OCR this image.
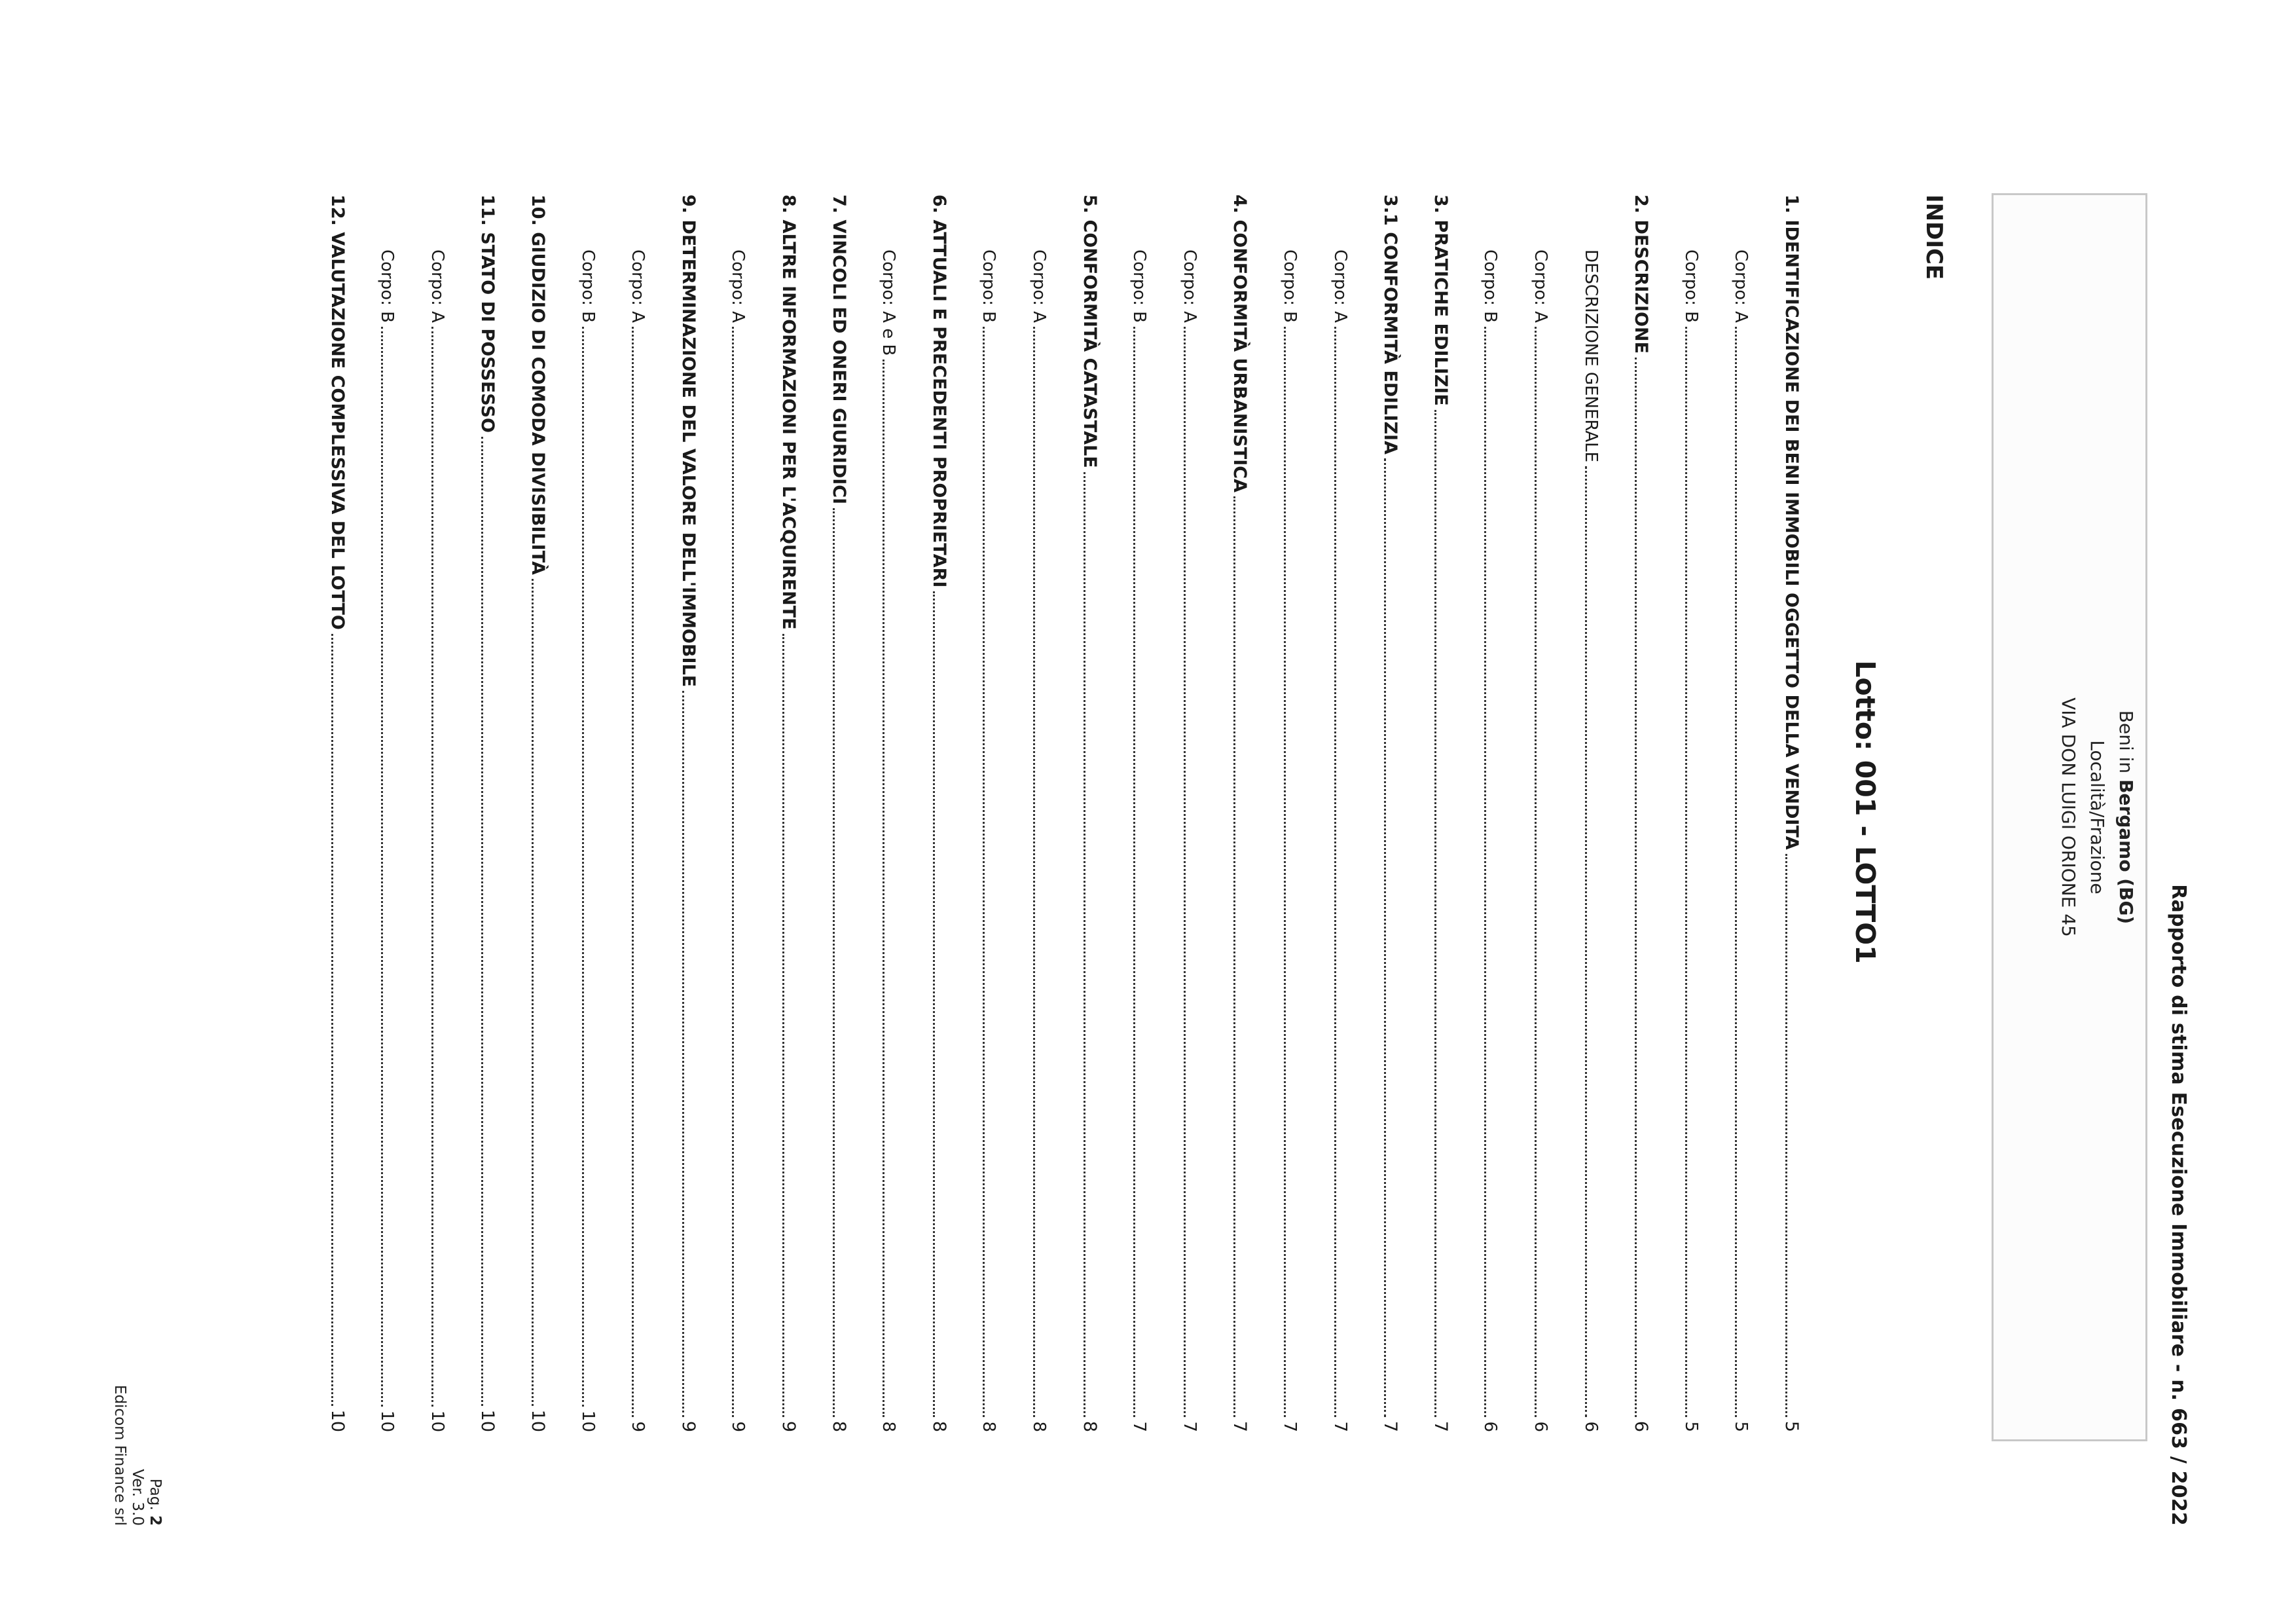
Rapporto di stima Esecuzione Immobiliare - n. 663 / 2022
Beni in Bergamo (BG)
Località/Frazione
VIA DON LUIGI ORIONE 45
INDICE
Lotto: 001 - LOTTO1
1. IDENTIFICAZIONE DEI BENI IMMOBILI OGGETTO DELLA VENDITA
5
Corpo: A
5
Corpo: B
5
2. DESCRIZIONE
6
DESCRIZIONE GENERALE
6
Corpo: A
6
Corpo: B
6
3. PRATICHE EDILIZIE
7
3.1 CONFORMITÀ EDILIZIA
7
Corpo: A
7
Corpo: B
7
4. CONFORMITÀ URBANISTICA
7
Corpo: A
7
Corpo: B
7
5. CONFORMITÀ CATASTALE
8
Corpo: A
8
Corpo: B
8
6. ATTUALI E PRECEDENTI PROPRIETARI
8
Corpo: A e B
8
7. VINCOLI ED ONERI GIURIDICI
8
8. ALTRE INFORMAZIONI PER L'ACQUIRENTE
9
Corpo: A
9
9. DETERMINAZIONE DEL VALORE DELL'IMMOBILE
9
Corpo: A
9
Corpo: B
10
10. GIUDIZIO DI COMODA DIVISIBILITÀ
10
11. STATO DI POSSESSO
10
Corpo: A
10
Corpo: B
10
12. VALUTAZIONE COMPLESSIVA DEL LOTTO
10
Pag. 2
Ver. 3.0
Edicom Finance srl
